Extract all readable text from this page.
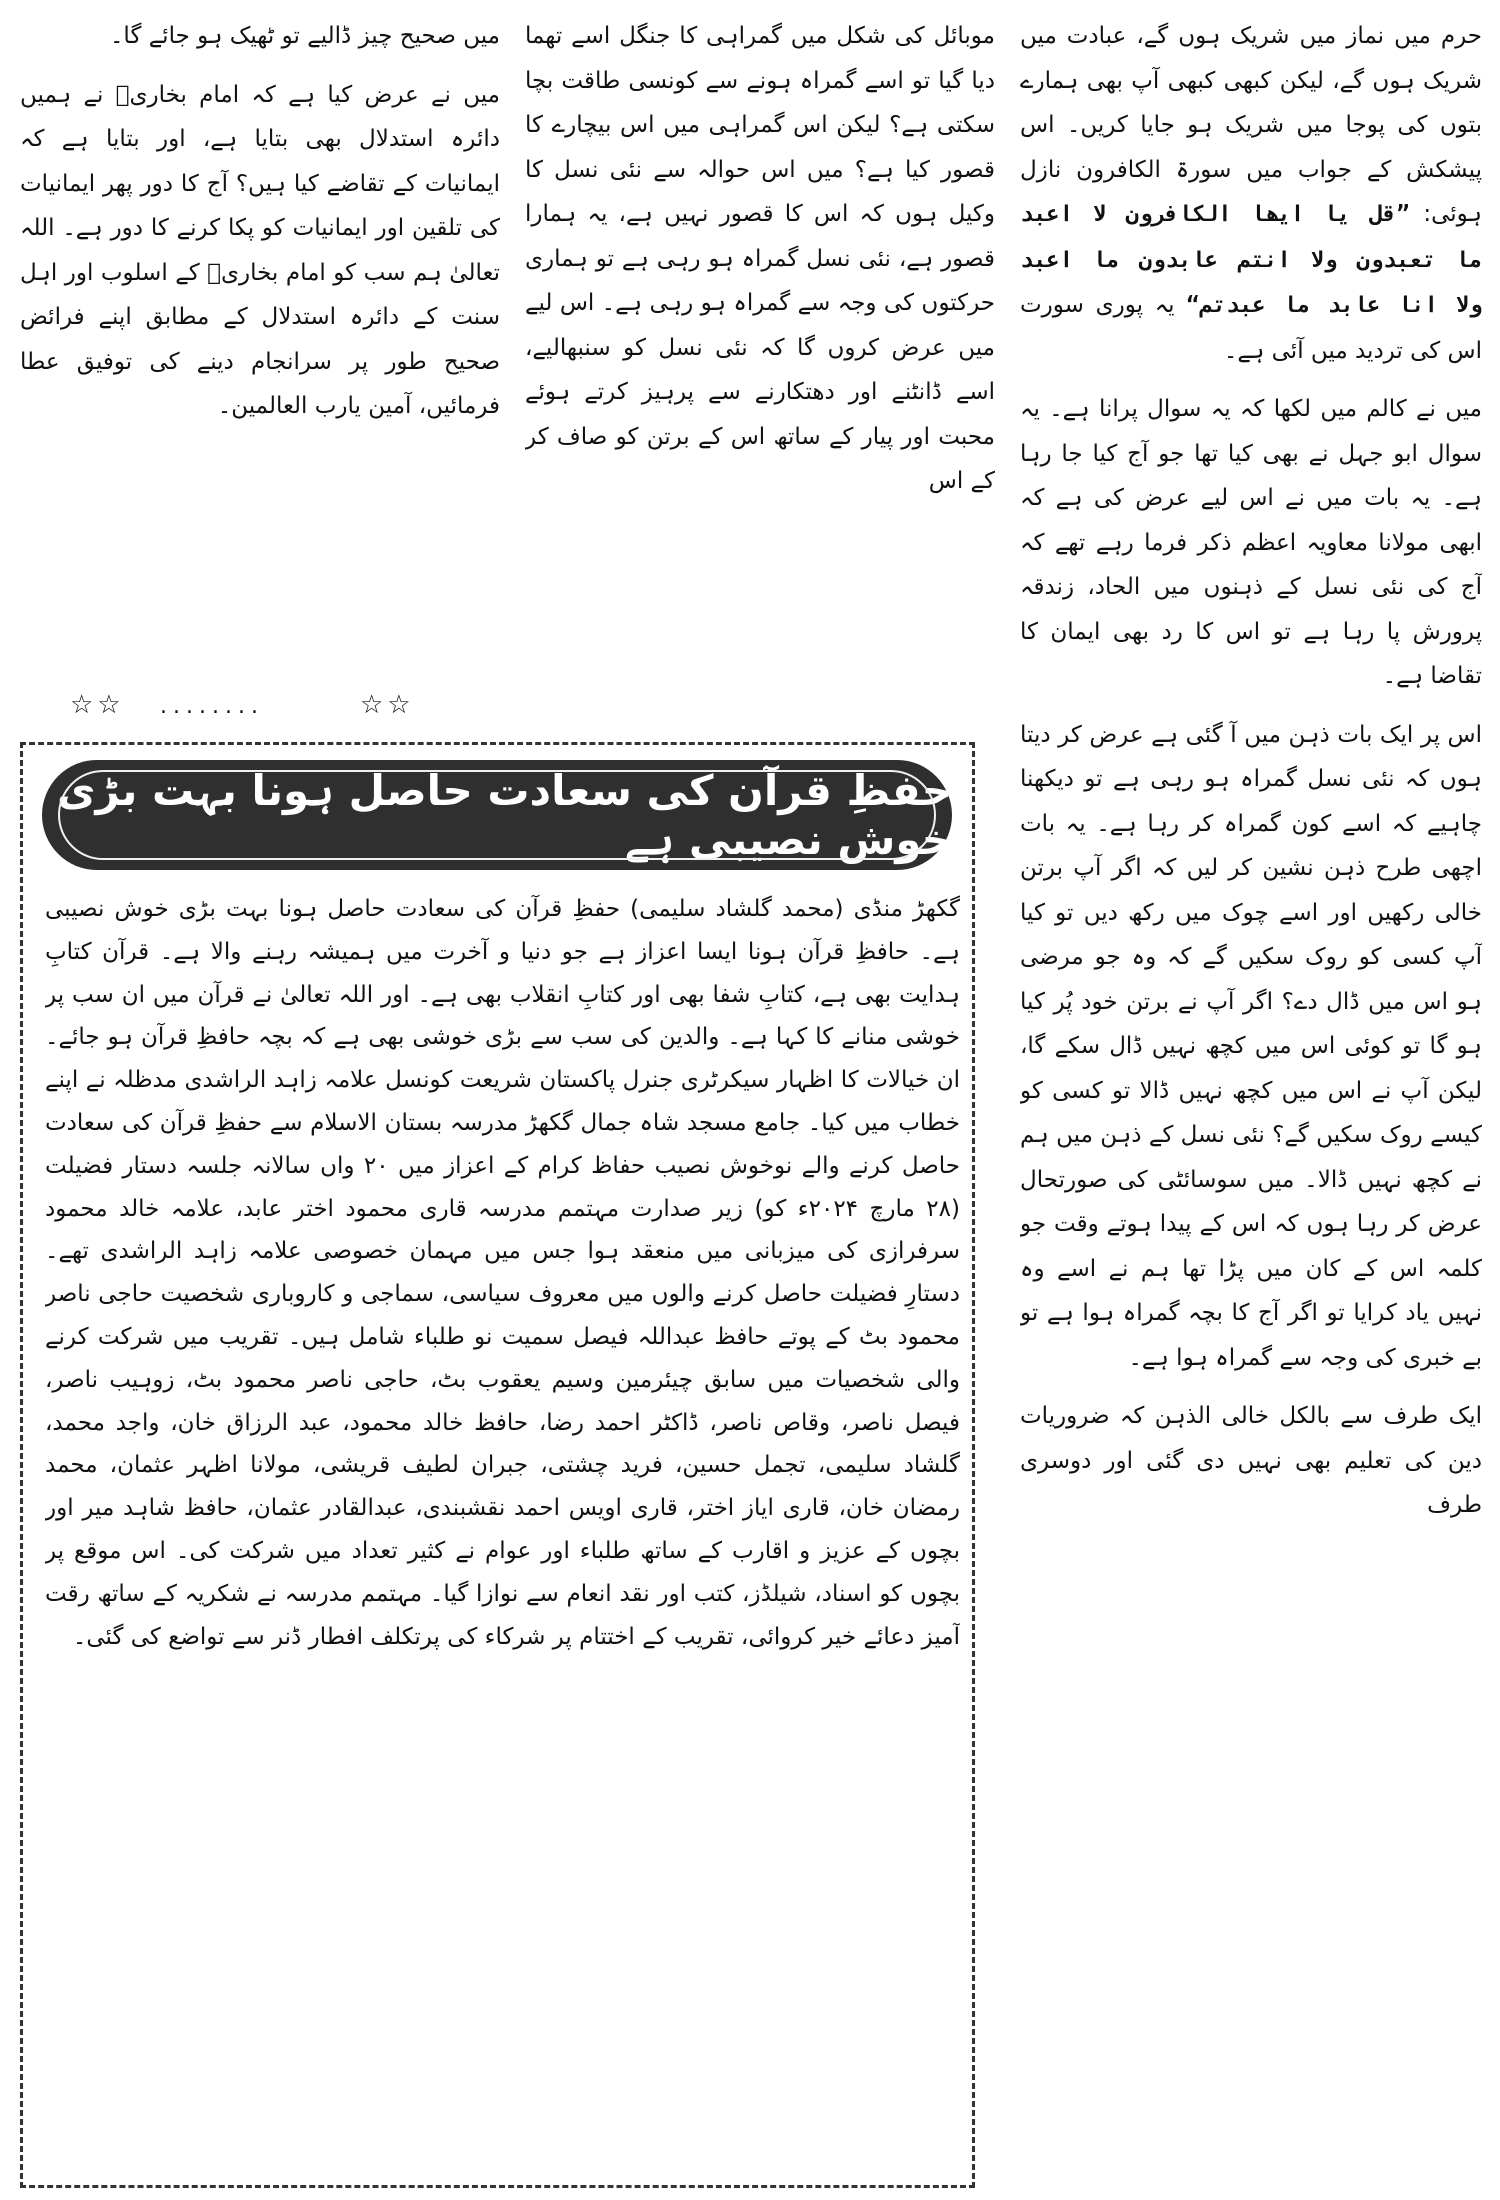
حرم میں نماز میں شریک ہوں گے، عبادت میں شریک ہوں گے، لیکن کبھی کبھی آپ بھی ہمارے بتوں کی پوجا میں شریک ہو جایا کریں۔ اس پیشکش کے جواب میں سورۃ الکافرون نازل ہوئی: ”قل یا ایھا الکافرون لا اعبد ما تعبدون ولا انتم عابدون ما اعبد ولا انا عابد ما عبدتم“ یہ پوری سورت اس کی تردید میں آئی ہے۔

میں نے کالم میں لکھا کہ یہ سوال پرانا ہے۔ یہ سوال ابو جہل نے بھی کیا تھا جو آج کیا جا رہا ہے۔ یہ بات میں نے اس لیے عرض کی ہے کہ ابھی مولانا معاویہ اعظم ذکر فرما رہے تھے کہ آج کی نئی نسل کے ذہنوں میں الحاد، زندقہ پرورش پا رہا ہے تو اس کا رد بھی ایمان کا تقاضا ہے۔

اس پر ایک بات ذہن میں آ گئی ہے عرض کر دیتا ہوں کہ نئی نسل گمراہ ہو رہی ہے تو دیکھنا چاہیے کہ اسے کون گمراہ کر رہا ہے۔ یہ بات اچھی طرح ذہن نشین کر لیں کہ اگر آپ برتن خالی رکھیں اور اسے چوک میں رکھ دیں تو کیا آپ کسی کو روک سکیں گے کہ وہ جو مرضی ہو اس میں ڈال دے؟ اگر آپ نے برتن خود پُر کیا ہو گا تو کوئی اس میں کچھ نہیں ڈال سکے گا، لیکن آپ نے اس میں کچھ نہیں ڈالا تو کسی کو کیسے روک سکیں گے؟ نئی نسل کے ذہن میں ہم نے کچھ نہیں ڈالا۔ میں سوسائٹی کی صورتحال عرض کر رہا ہوں کہ اس کے پیدا ہوتے وقت جو کلمہ اس کے کان میں پڑا تھا ہم نے اسے وہ نہیں یاد کرایا تو اگر آج کا بچہ گمراہ ہوا ہے تو بے خبری کی وجہ سے گمراہ ہوا ہے۔

ایک طرف سے بالکل خالی الذہن کہ ضروریات دین کی تعلیم بھی نہیں دی گئی اور دوسری طرف

موبائل کی شکل میں گمراہی کا جنگل اسے تھما دیا گیا تو اسے گمراہ ہونے سے کونسی طاقت بچا سکتی ہے؟ لیکن اس گمراہی میں اس بیچارے کا قصور کیا ہے؟ میں اس حوالہ سے نئی نسل کا وکیل ہوں کہ اس کا قصور نہیں ہے، یہ ہمارا قصور ہے، نئی نسل گمراہ ہو رہی ہے تو ہماری حرکتوں کی وجہ سے گمراہ ہو رہی ہے۔ اس لیے میں عرض کروں گا کہ نئی نسل کو سنبھالیے، اسے ڈانٹنے اور دھتکارنے سے پرہیز کرتے ہوئے محبت اور پیار کے ساتھ اس کے برتن کو صاف کر کے اس

میں صحیح چیز ڈالیے تو ٹھیک ہو جائے گا۔

میں نے عرض کیا ہے کہ امام بخاریؒ نے ہمیں دائرہ استدلال بھی بتایا ہے، اور بتایا ہے کہ ایمانیات کے تقاضے کیا ہیں؟ آج کا دور پھر ایمانیات کی تلقین اور ایمانیات کو پکا کرنے کا دور ہے۔ اللہ تعالیٰ ہم سب کو امام بخاریؒ کے اسلوب اور اہل سنت کے دائرہ استدلال کے مطابق اپنے فرائض صحیح طور پر سرانجام دینے کی توفیق عطا فرمائیں، آمین یارب العالمین۔

☆☆
........
☆☆
حفظِ قرآن کی سعادت حاصل ہونا بہت بڑی خوش نصیبی ہے

گکھڑ منڈی (محمد گلشاد سلیمی) حفظِ قرآن کی سعادت حاصل ہونا بہت بڑی خوش نصیبی ہے۔ حافظِ قرآن ہونا ایسا اعزاز ہے جو دنیا و آخرت میں ہمیشہ رہنے والا ہے۔ قرآن کتابِ ہدایت بھی ہے، کتابِ شفا بھی اور کتابِ انقلاب بھی ہے۔ اور اللہ تعالیٰ نے قرآن میں ان سب پر خوشی منانے کا کہا ہے۔ والدین کی سب سے بڑی خوشی بھی ہے کہ بچہ حافظِ قرآن ہو جائے۔ ان خیالات کا اظہار سیکرٹری جنرل پاکستان شریعت کونسل علامہ زاہد الراشدی مدظلہ نے اپنے خطاب میں کیا۔ جامع مسجد شاہ جمال گکھڑ مدرسہ بستان الاسلام سے حفظِ قرآن کی سعادت حاصل کرنے والے نوخوش نصیب حفاظ کرام کے اعزاز میں ۲۰ واں سالانہ جلسہ دستار فضیلت (۲۸ مارچ ۲۰۲۴ء کو) زیر صدارت مہتمم مدرسہ قاری محمود اختر عابد، علامہ خالد محمود سرفرازی کی میزبانی میں منعقد ہوا جس میں مہمان خصوصی علامہ زاہد الراشدی تھے۔ دستارِ فضیلت حاصل کرنے والوں میں معروف سیاسی، سماجی و کاروباری شخصیت حاجی ناصر محمود بٹ کے پوتے حافظ عبداللہ فیصل سمیت نو طلباء شامل ہیں۔ تقریب میں شرکت کرنے والی شخصیات میں سابق چیئرمین وسیم یعقوب بٹ، حاجی ناصر محمود بٹ، زوہیب ناصر، فیصل ناصر، وقاص ناصر، ڈاکٹر احمد رضا، حافظ خالد محمود، عبد الرزاق خان، واجد محمد، گلشاد سلیمی، تجمل حسین، فرید چشتی، جبران لطیف قریشی، مولانا اظہر عثمان، محمد رمضان خان، قاری ایاز اختر، قاری اویس احمد نقشبندی، عبدالقادر عثمان، حافظ شاہد میر اور بچوں کے عزیز و اقارب کے ساتھ طلباء اور عوام نے کثیر تعداد میں شرکت کی۔ اس موقع پر بچوں کو اسناد، شیلڈز، کتب اور نقد انعام سے نوازا گیا۔ مہتمم مدرسہ نے شکریہ کے ساتھ رقت آمیز دعائے خیر کروائی، تقریب کے اختتام پر شرکاء کی پرتکلف افطار ڈنر سے تواضع کی گئی۔
